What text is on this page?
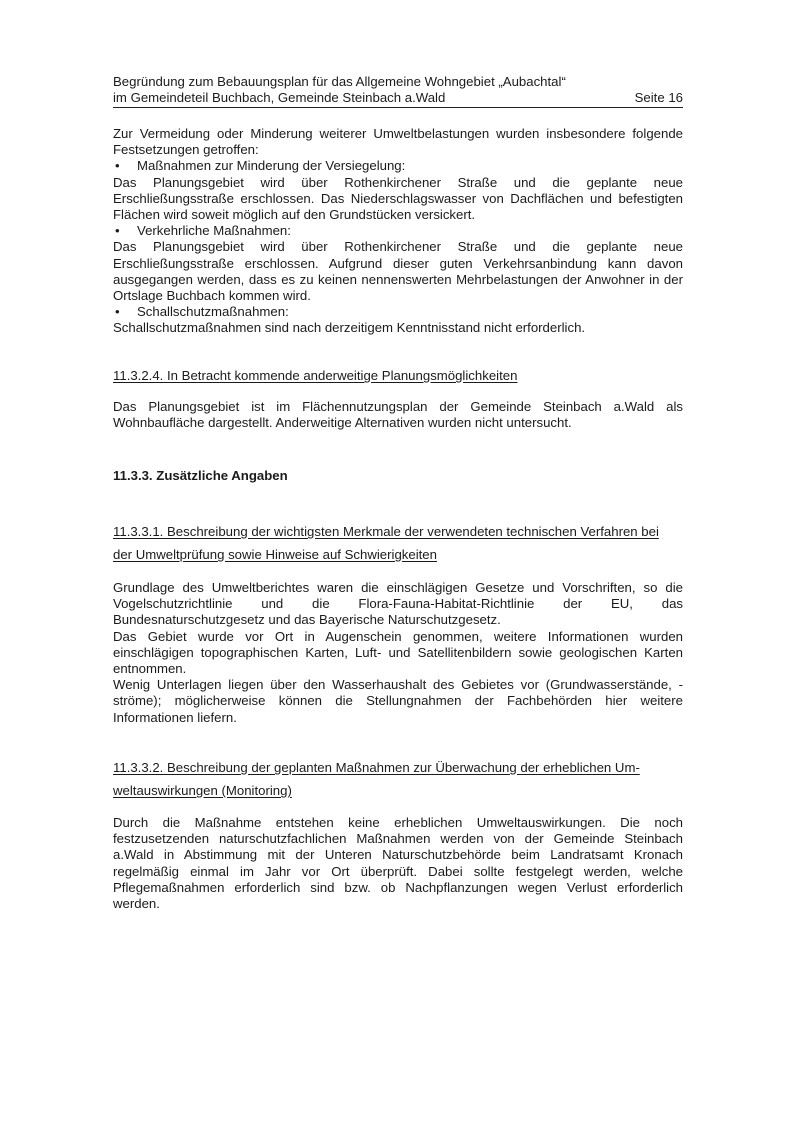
Begründung zum Bebauungsplan für das Allgemeine Wohngebiet „Aubachtal“
im Gemeindeteil Buchbach, Gemeinde Steinbach a.Wald	Seite 16

Zur Vermeidung oder Minderung weiterer Umweltbelastungen wurden insbesondere folgende Festsetzungen getroffen:

•	Maßnahmen zur Minderung der Versiegelung:

Das Planungsgebiet wird über Rothenkirchener Straße und die geplante neue Erschließungsstraße erschlossen. Das Niederschlagswasser von Dachflächen und befestigten Flächen wird soweit möglich auf den Grundstücken versickert.

•	Verkehrliche Maßnahmen:

Das Planungsgebiet wird über Rothenkirchener Straße und die geplante neue Erschließungsstraße erschlossen. Aufgrund dieser guten Verkehrsanbindung kann davon ausgegangen werden, dass es zu keinen nennenswerten Mehrbelastungen der Anwohner in der Ortslage Buchbach kommen wird.

•	Schallschutzmaßnahmen:

Schallschutzmaßnahmen sind nach derzeitigem Kenntnisstand nicht erforderlich.

11.3.2.4. In Betracht kommende anderweitige Planungsmöglichkeiten
Das Planungsgebiet ist im Flächennutzungsplan der Gemeinde Steinbach a.Wald als Wohnbaufläche dargestellt. Anderweitige Alternativen wurden nicht untersucht.
11.3.3. Zusätzliche Angaben
11.3.3.1. Beschreibung der wichtigsten Merkmale der verwendeten technischen Verfahren bei
der Umweltprüfung sowie Hinweise auf Schwierigkeiten

Grundlage des Umweltberichtes waren die einschlägigen Gesetze und Vorschriften, so die Vogelschutzrichtlinie und die Flora-Fauna-Habitat-Richtlinie der EU, das Bundesnaturschutzgesetz und das Bayerische Naturschutzgesetz.

Das Gebiet wurde vor Ort in Augenschein genommen, weitere Informationen wurden einschlägigen topographischen Karten, Luft- und Satellitenbildern sowie geologischen Karten entnommen.

Wenig Unterlagen liegen über den Wasserhaushalt des Gebietes vor (Grundwasserstände, -ströme); möglicherweise können die Stellungnahmen der Fachbehörden hier weitere Informationen liefern.

11.3.3.2. Beschreibung der geplanten Maßnahmen zur Überwachung der erheblichen Um-
weltauswirkungen (Monitoring)
Durch die Maßnahme entstehen keine erheblichen Umweltauswirkungen. Die noch festzusetzenden naturschutzfachlichen Maßnahmen werden von der Gemeinde Steinbach a.Wald in Abstimmung mit der Unteren Naturschutzbehörde beim Landratsamt Kronach regelmäßig einmal im Jahr vor Ort überprüft. Dabei sollte festgelegt werden, welche Pflegemaßnahmen erforderlich sind bzw. ob Nachpflanzungen wegen Verlust erforderlich werden.
